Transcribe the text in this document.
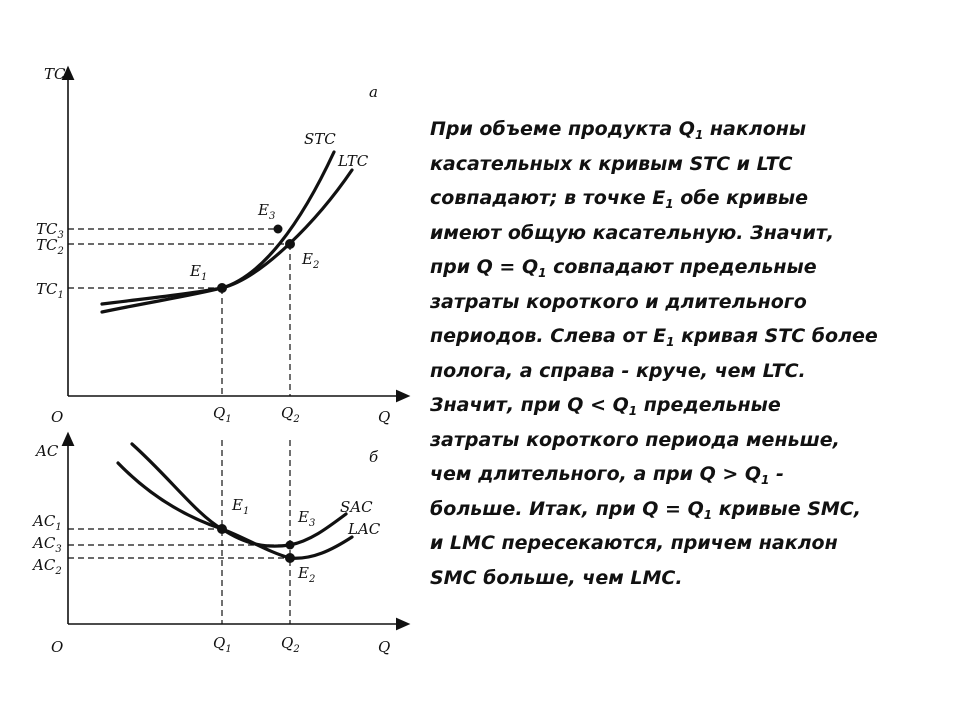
TC
а
O	Q
STC
LTC
$E_1$
$E_3$
$E_2$
$TC_3$
$TC_2$
$TC_1$
$Q_1$	$Q_2$
AC	б
O	Q
SAC
LAC
$E_1$	$E_3$
$E_2$
$AC_1$
$AC_3$
$AC_2$
$Q_1$	$Q_2$
При объеме продукта $Q_1$ наклоны
касательных к кривым STC и LTC
совпадают; в точке $Е_1$ обе кривые
имеют общую касательную. Значит,
при $Q = Q_1$ совпадают предельные
затраты короткого и длительного
периодов. Слева от $Е_1$ кривая STC более
полога, а справа - круче, чем LTC.
Значит, при $Q < Q_1$ предельные
затраты короткого периода меньше,
чем длительного, а при $Q > Q_1$ -
больше. Итак, при $Q = Q_1$ кривые SMC,
и LMC пересекаются, причем наклон
SMC больше, чем LMC.
